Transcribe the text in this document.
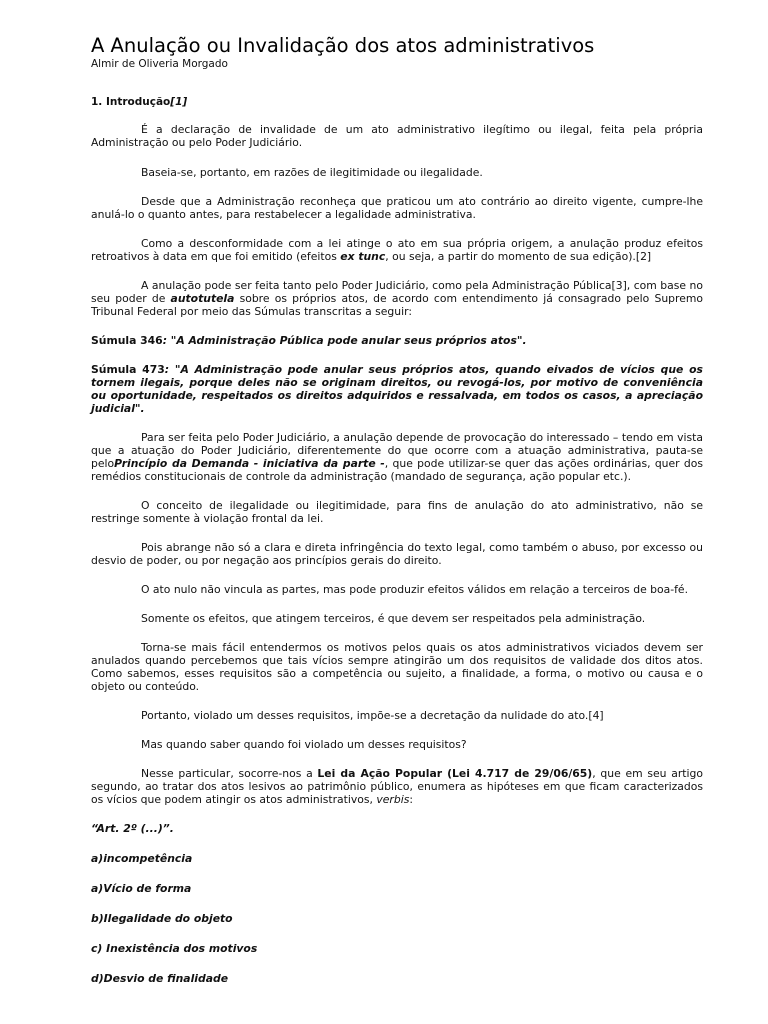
A Anulação ou Invalidação dos atos administrativos

Almir de Oliveria Morgado

1. Introdução[1]

É a declaração de invalidade de um ato administrativo ilegítimo ou ilegal, feita pela própria Administração ou pelo Poder Judiciário.

Baseia-se, portanto, em razões de ilegitimidade ou ilegalidade.

Desde que a Administração reconheça que praticou um ato contrário ao direito vigente, cumpre-lhe anulá-lo o quanto antes, para restabelecer a legalidade administrativa.

Como a desconformidade com a lei atinge o ato em sua própria origem, a anulação produz efeitos retroativos à data em que foi emitido (efeitos ex tunc, ou seja, a partir do momento de sua edição).[2]

A anulação pode ser feita tanto pelo Poder Judiciário, como pela Administração Pública[3], com base no seu poder de autotutela sobre os próprios atos, de acordo com entendimento já consagrado pelo Supremo Tribunal Federal por meio das Súmulas transcritas a seguir:

Súmula 346: "A Administração Pública pode anular seus próprios atos".

Súmula 473: "A Administração pode anular seus próprios atos, quando eivados de vícios que os tornem ilegais, porque deles não se originam direitos, ou revogá-los, por motivo de conveniência ou oportunidade, respeitados os direitos adquiridos e ressalvada, em todos os casos, a apreciação judicial".

Para ser feita pelo Poder Judiciário, a anulação depende de provocação do interessado – tendo em vista que a atuação do Poder Judiciário, diferentemente do que ocorre com a atuação administrativa, pauta-se peloPrincípio da Demanda - iniciativa da parte -, que pode utilizar-se quer das ações ordinárias, quer dos remédios constitucionais de controle da administração (mandado de segurança, ação popular etc.).

O conceito de ilegalidade ou ilegitimidade, para fins de anulação do ato administrativo, não se restringe somente à violação frontal da lei.

Pois abrange não só a clara e direta infringência do texto legal, como também o abuso, por excesso ou desvio de poder, ou por negação aos princípios gerais do direito.

O ato nulo não vincula as partes, mas pode produzir efeitos válidos em relação a terceiros de boa-fé.

Somente os efeitos, que atingem terceiros, é que devem ser respeitados pela administração.

Torna-se mais fácil entendermos os motivos pelos quais os atos administrativos viciados devem ser anulados quando percebemos que tais vícios sempre atingirão um dos requisitos de validade dos ditos atos. Como sabemos, esses requisitos são a competência ou sujeito, a finalidade, a forma, o motivo ou causa e o objeto ou conteúdo.

Portanto, violado um desses requisitos, impõe-se a decretação da nulidade do ato.[4]

Mas quando saber quando foi violado um desses requisitos?

Nesse particular, socorre-nos a Lei da Ação Popular (Lei 4.717 de 29/06/65), que em seu artigo segundo, ao tratar dos atos lesivos ao patrimônio público, enumera as hipóteses em que ficam caracterizados os vícios que podem atingir os atos administrativos, verbis:

“Art. 2º (...)”.

a)incompetência

a)Vício de forma

b)Ilegalidade do objeto

c) Inexistência dos motivos

d)Desvio de finalidade
